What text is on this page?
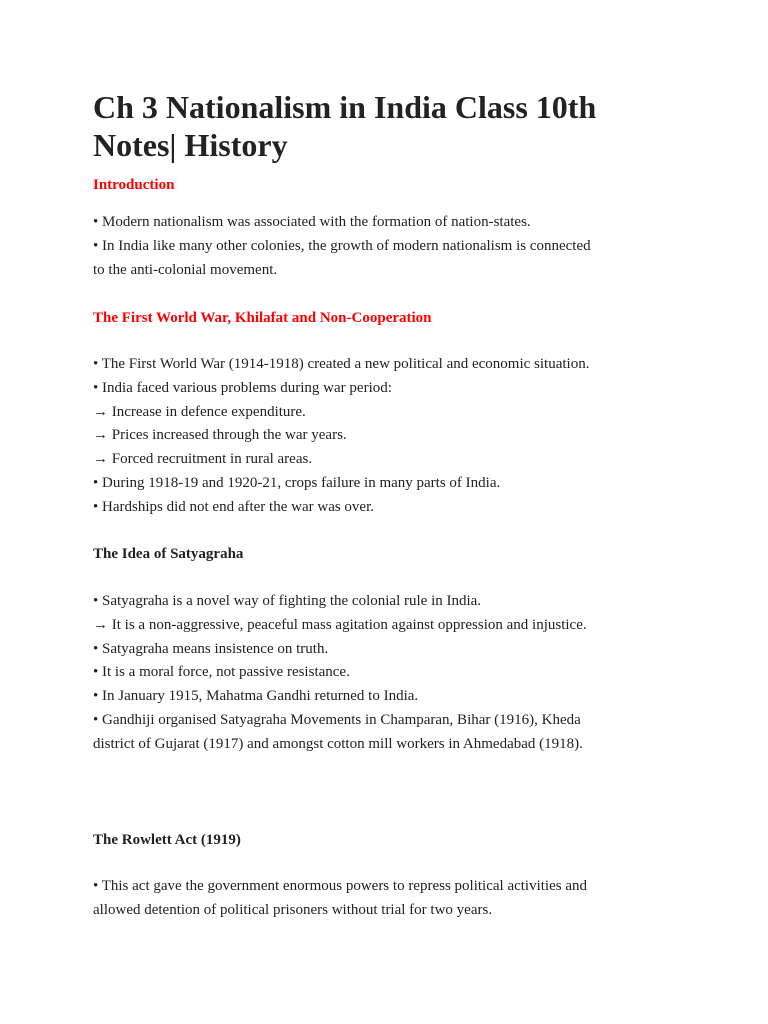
Ch 3 Nationalism in India Class 10th
Notes| History
Introduction
• Modern nationalism was associated with the formation of nation-states.
• In India like many other colonies, the growth of modern nationalism is connected
to the anti-colonial movement.
The First World War, Khilafat and Non-Cooperation
• The First World War (1914-1918) created a new political and economic situation.
• India faced various problems during war period:
→ Increase in defence expenditure.
→ Prices increased through the war years.
→ Forced recruitment in rural areas.
• During 1918-19 and 1920-21, crops failure in many parts of India.
• Hardships did not end after the war was over.
The Idea of Satyagraha
• Satyagraha is a novel way of fighting the colonial rule in India.
→ It is a non-aggressive, peaceful mass agitation against oppression and injustice.
• Satyagraha means insistence on truth.
• It is a moral force, not passive resistance.
• In January 1915, Mahatma Gandhi returned to India.
• Gandhiji organised Satyagraha Movements in Champaran, Bihar (1916), Kheda
district of Gujarat (1917) and amongst cotton mill workers in Ahmedabad (1918).
The Rowlett Act (1919)
• This act gave the government enormous powers to repress political activities and
allowed detention of political prisoners without trial for two years.
